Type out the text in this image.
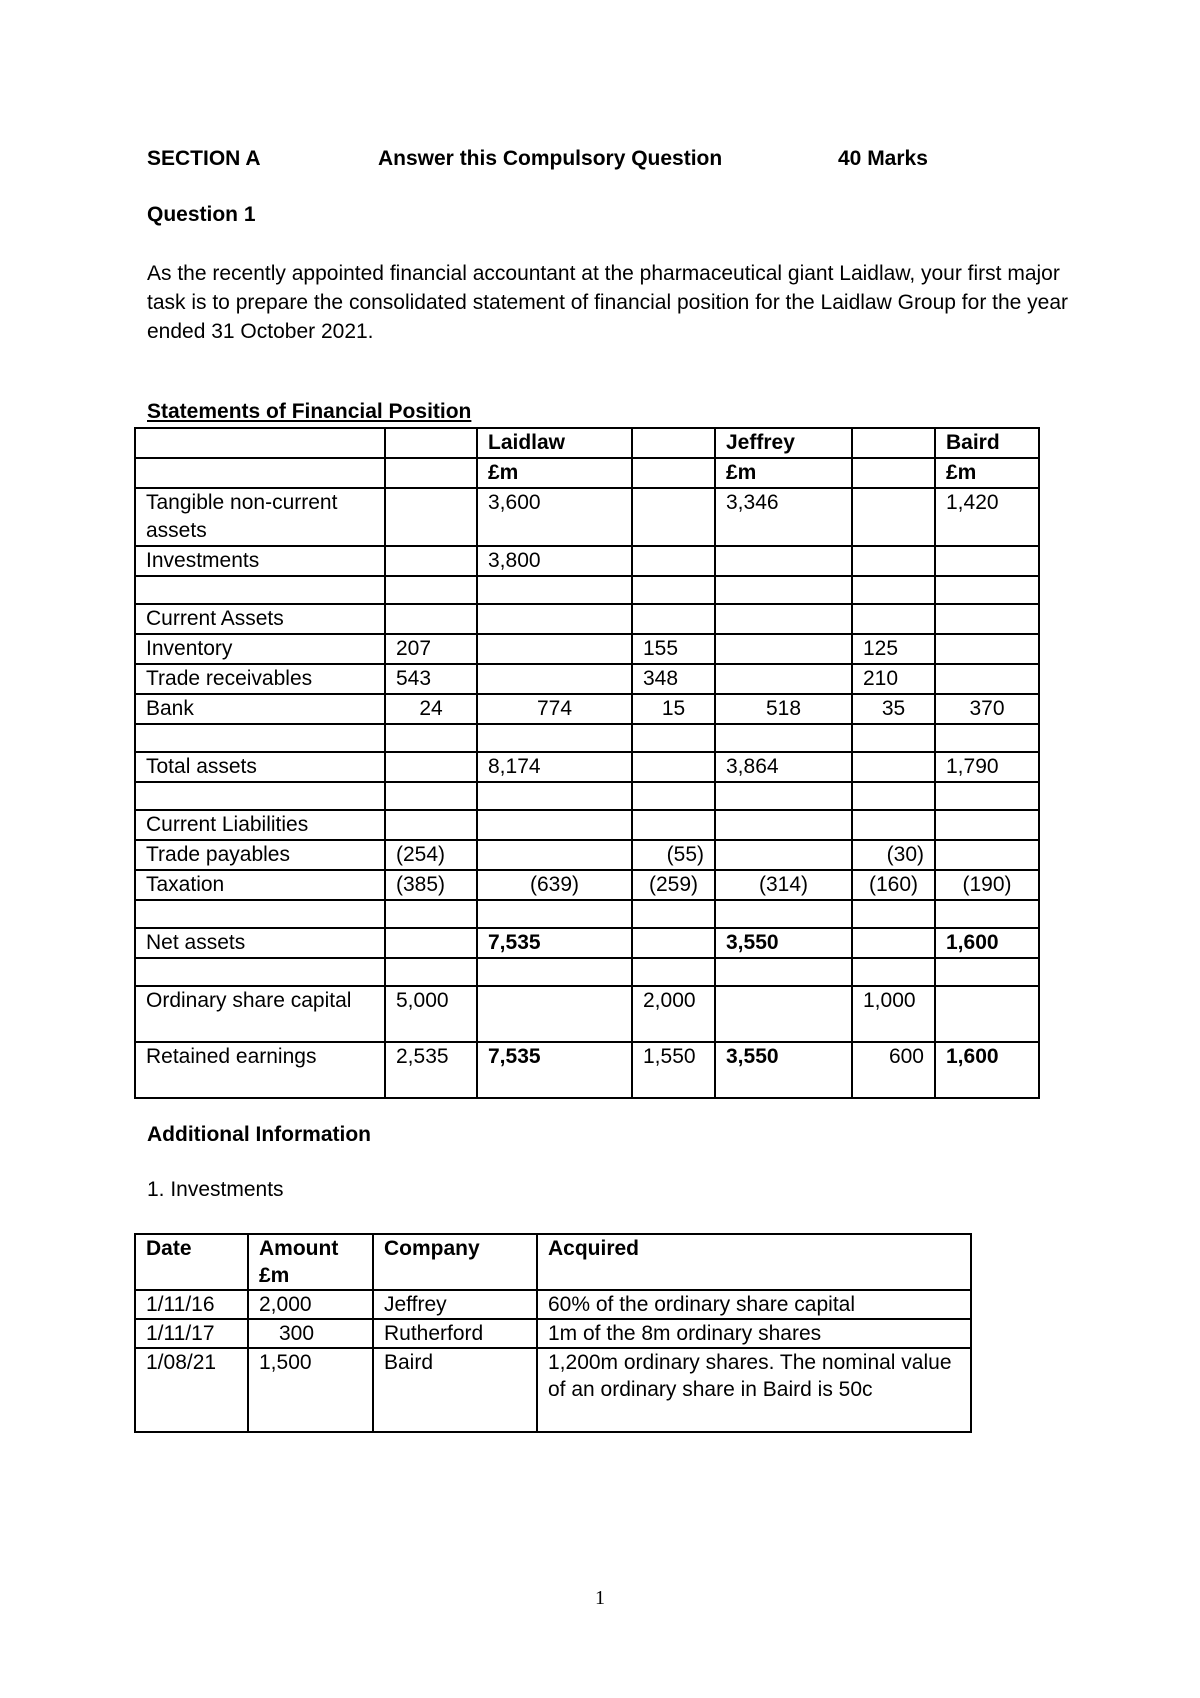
SECTION A	Answer this Compulsory Question	40 Marks
Question 1
As the recently appointed financial accountant at the pharmaceutical giant Laidlaw, your first major task is to prepare the consolidated statement of financial position for the Laidlaw Group for the year ended 31 October 2021.
Statements of Financial Position
		Laidlaw		Jeffrey		Baird
		£m		£m		£m
Tangible non-current assets		3,600		3,346		1,420
Investments		3,800				

Current Assets						
Inventory	207		155		125	
Trade receivables	543		348		210	
Bank	24	774	15	518	35	370

Total assets		8,174		3,864		1,790

Current Liabilities						
Trade payables	(254)		(55)		(30)	
Taxation	(385)	(639)	(259)	(314)	(160)	(190)

Net assets		7,535		3,550		1,600

Ordinary share capital	5,000		2,000		1,000	
Retained earnings	2,535	7,535	1,550	3,550	600	1,600
Additional Information
1. Investments
Date	Amount £m	Company	Acquired
1/11/16	2,000	Jeffrey	60% of the ordinary share capital
1/11/17	300	Rutherford	1m of the 8m ordinary shares
1/08/21	1,500	Baird	1,200m ordinary shares. The nominal value of an ordinary share in Baird is 50c
1
